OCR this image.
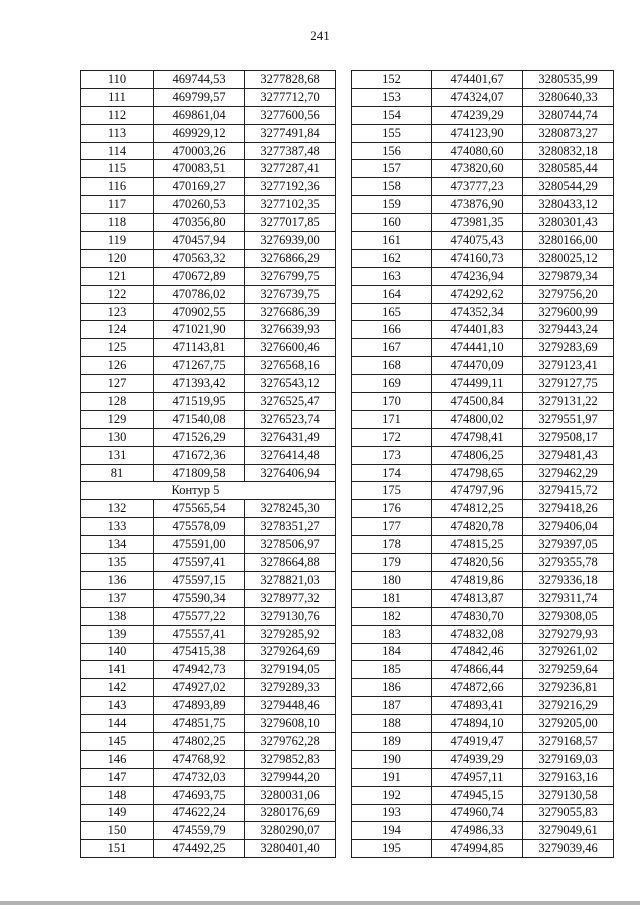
241
110	469744,53	3277828,68
111	469799,57	3277712,70
112	469861,04	3277600,56
113	469929,12	3277491,84
114	470003,26	3277387,48
115	470083,51	3277287,41
116	470169,27	3277192,36
117	470260,53	3277102,35
118	470356,80	3277017,85
119	470457,94	3276939,00
120	470563,32	3276866,29
121	470672,89	3276799,75
122	470786,02	3276739,75
123	470902,55	3276686,39
124	471021,90	3276639,93
125	471143,81	3276600,46
126	471267,75	3276568,16
127	471393,42	3276543,12
128	471519,95	3276525,47
129	471540,08	3276523,74
130	471526,29	3276431,49
131	471672,36	3276414,48
81	471809,58	3276406,94
	Контур 5	
132	475565,54	3278245,30
133	475578,09	3278351,27
134	475591,00	3278506,97
135	475597,41	3278664,88
136	475597,15	3278821,03
137	475590,34	3278977,32
138	475577,22	3279130,76
139	475557,41	3279285,92
140	475415,38	3279264,69
141	474942,73	3279194,05
142	474927,02	3279289,33
143	474893,89	3279448,46
144	474851,75	3279608,10
145	474802,25	3279762,28
146	474768,92	3279852,83
147	474732,03	3279944,20
148	474693,75	3280031,06
149	474622,24	3280176,69
150	474559,79	3280290,07
151	474492,25	3280401,40
152	474401,67	3280535,99
153	474324,07	3280640,33
154	474239,29	3280744,74
155	474123,90	3280873,27
156	474080,60	3280832,18
157	473820,60	3280585,44
158	473777,23	3280544,29
159	473876,90	3280433,12
160	473981,35	3280301,43
161	474075,43	3280166,00
162	474160,73	3280025,12
163	474236,94	3279879,34
164	474292,62	3279756,20
165	474352,34	3279600,99
166	474401,83	3279443,24
167	474441,10	3279283,69
168	474470,09	3279123,41
169	474499,11	3279127,75
170	474500,84	3279131,22
171	474800,02	3279551,97
172	474798,41	3279508,17
173	474806,25	3279481,43
174	474798,65	3279462,29
175	474797,96	3279415,72
176	474812,25	3279418,26
177	474820,78	3279406,04
178	474815,25	3279397,05
179	474820,56	3279355,78
180	474819,86	3279336,18
181	474813,87	3279311,74
182	474830,70	3279308,05
183	474832,08	3279279,93
184	474842,46	3279261,02
185	474866,44	3279259,64
186	474872,66	3279236,81
187	474893,41	3279216,29
188	474894,10	3279205,00
189	474919,47	3279168,57
190	474939,29	3279169,03
191	474957,11	3279163,16
192	474945,15	3279130,58
193	474960,74	3279055,83
194	474986,33	3279049,61
195	474994,85	3279039,46
